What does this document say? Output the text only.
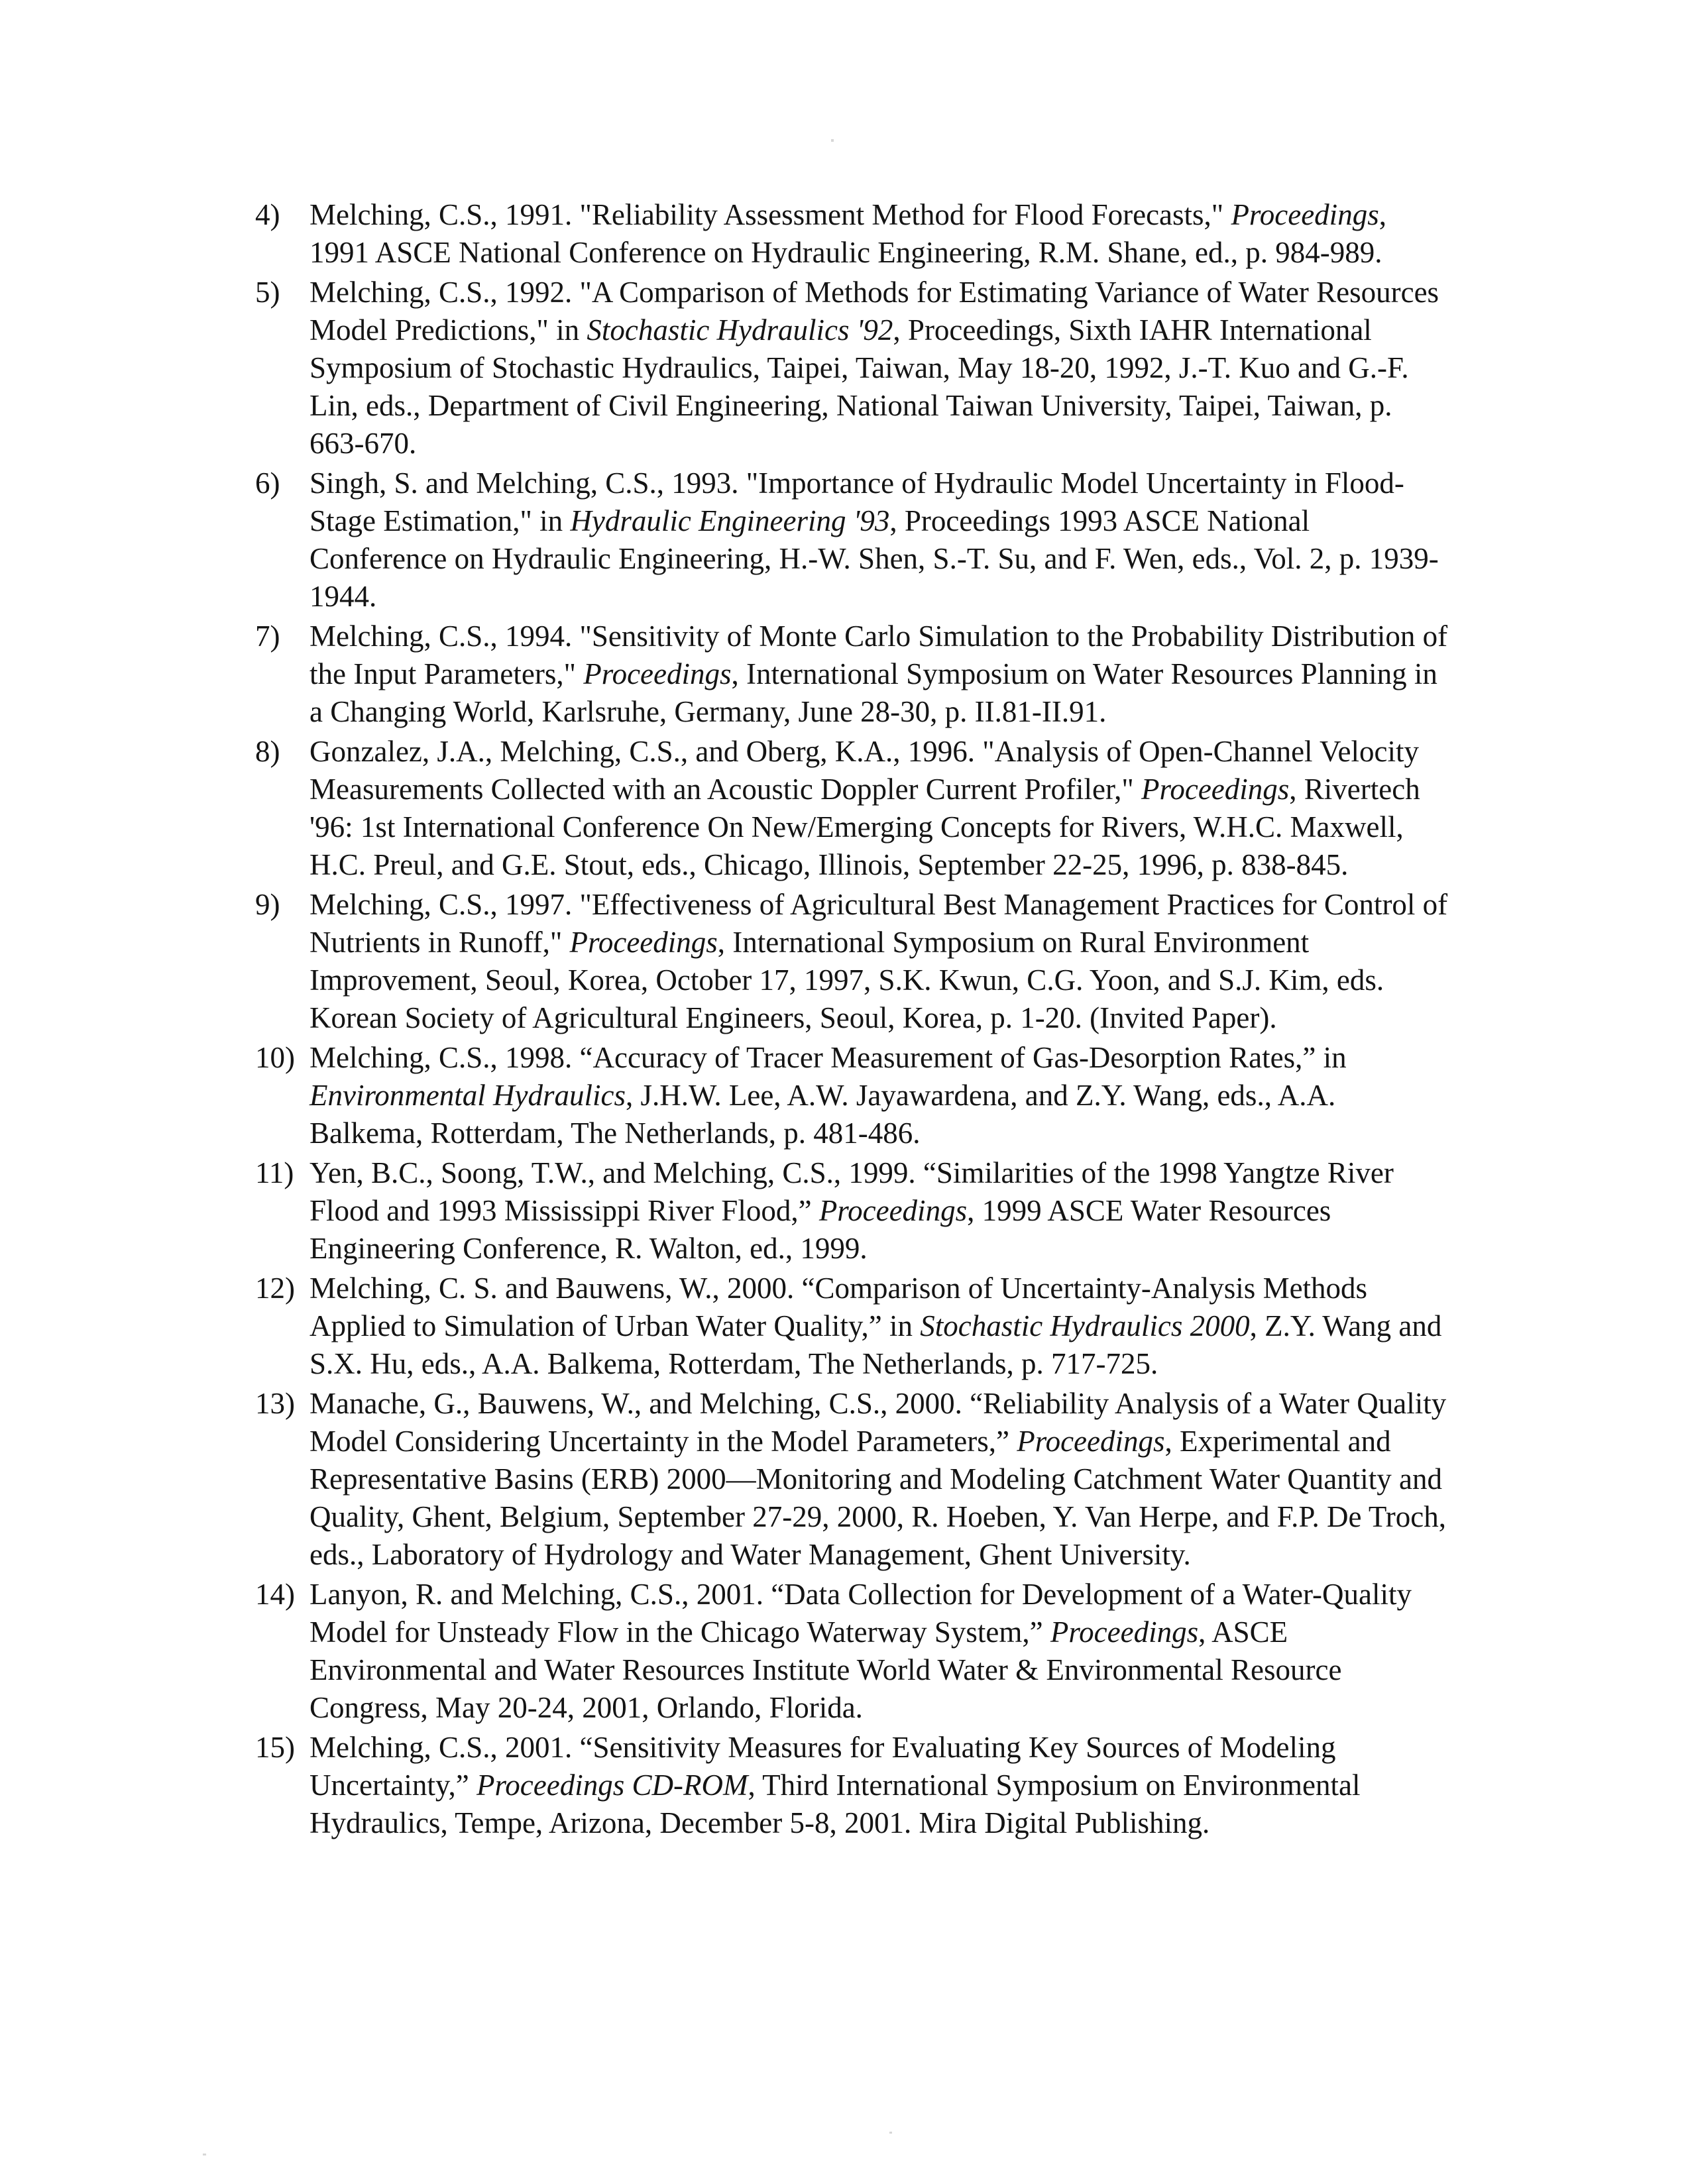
4) Melching, C.S., 1991. "Reliability Assessment Method for Flood Forecasts," Proceedings, 1991 ASCE National Conference on Hydraulic Engineering, R.M. Shane, ed., p. 984-989.
5) Melching, C.S., 1992. "A Comparison of Methods for Estimating Variance of Water Resources Model Predictions," in Stochastic Hydraulics '92, Proceedings, Sixth IAHR International Symposium of Stochastic Hydraulics, Taipei, Taiwan, May 18-20, 1992, J.-T. Kuo and G.-F. Lin, eds., Department of Civil Engineering, National Taiwan University, Taipei, Taiwan, p. 663-670.
6) Singh, S. and Melching, C.S., 1993. "Importance of Hydraulic Model Uncertainty in Flood-Stage Estimation," in Hydraulic Engineering '93, Proceedings 1993 ASCE National Conference on Hydraulic Engineering, H.-W. Shen, S.-T. Su, and F. Wen, eds., Vol. 2, p. 1939-1944.
7) Melching, C.S., 1994. "Sensitivity of Monte Carlo Simulation to the Probability Distribution of the Input Parameters," Proceedings, International Symposium on Water Resources Planning in a Changing World, Karlsruhe, Germany, June 28-30, p. II.81-II.91.
8) Gonzalez, J.A., Melching, C.S., and Oberg, K.A., 1996. "Analysis of Open-Channel Velocity Measurements Collected with an Acoustic Doppler Current Profiler," Proceedings, Rivertech '96: 1st International Conference On New/Emerging Concepts for Rivers, W.H.C. Maxwell, H.C. Preul, and G.E. Stout, eds., Chicago, Illinois, September 22-25, 1996, p. 838-845.
9) Melching, C.S., 1997. "Effectiveness of Agricultural Best Management Practices for Control of Nutrients in Runoff," Proceedings, International Symposium on Rural Environment Improvement, Seoul, Korea, October 17, 1997, S.K. Kwun, C.G. Yoon, and S.J. Kim, eds. Korean Society of Agricultural Engineers, Seoul, Korea, p. 1-20. (Invited Paper).
10) Melching, C.S., 1998. “Accuracy of Tracer Measurement of Gas-Desorption Rates,” in Environmental Hydraulics, J.H.W. Lee, A.W. Jayawardena, and Z.Y. Wang, eds., A.A. Balkema, Rotterdam, The Netherlands, p. 481-486.
11) Yen, B.C., Soong, T.W., and Melching, C.S., 1999. “Similarities of the 1998 Yangtze River Flood and 1993 Mississippi River Flood,” Proceedings, 1999 ASCE Water Resources Engineering Conference, R. Walton, ed., 1999.
12) Melching, C. S. and Bauwens, W., 2000. “Comparison of Uncertainty-Analysis Methods Applied to Simulation of Urban Water Quality,” in Stochastic Hydraulics 2000, Z.Y. Wang and S.X. Hu, eds., A.A. Balkema, Rotterdam, The Netherlands, p. 717-725.
13) Manache, G., Bauwens, W., and Melching, C.S., 2000. “Reliability Analysis of a Water Quality Model Considering Uncertainty in the Model Parameters,” Proceedings, Experimental and Representative Basins (ERB) 2000—Monitoring and Modeling Catchment Water Quantity and Quality, Ghent, Belgium, September 27-29, 2000, R. Hoeben, Y. Van Herpe, and F.P. De Troch, eds., Laboratory of Hydrology and Water Management, Ghent University.
14) Lanyon, R. and Melching, C.S., 2001. “Data Collection for Development of a Water-Quality Model for Unsteady Flow in the Chicago Waterway System,” Proceedings, ASCE Environmental and Water Resources Institute World Water & Environmental Resource Congress, May 20-24, 2001, Orlando, Florida.
15) Melching, C.S., 2001. “Sensitivity Measures for Evaluating Key Sources of Modeling Uncertainty,” Proceedings CD-ROM, Third International Symposium on Environmental Hydraulics, Tempe, Arizona, December 5-8, 2001. Mira Digital Publishing.
